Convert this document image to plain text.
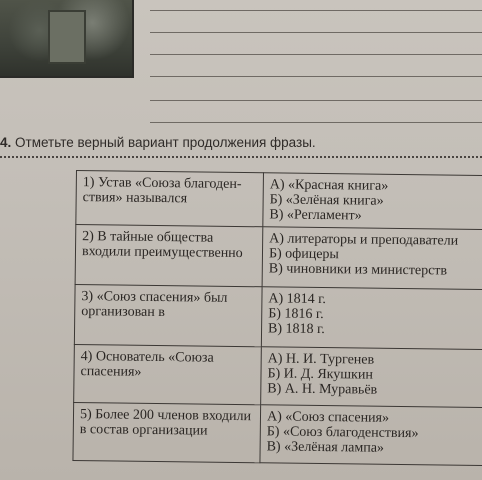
4. Отметьте верный вариант продолжения фразы.
1) Устав «Союза благоден-
ствия» назывался	А) «Красная книга»
Б) «Зелёная книга»
В) «Регламент»

2) В тайные общества
входили преимущественно	А) литераторы и преподаватели
Б) офицеры
В) чиновники из министерств

3) «Союз спасения» был
организован в	А) 1814 г.
Б) 1816 г.
В) 1818 г.

4) Основатель «Союза
спасения»	А) Н. И. Тургенев
Б) И. Д. Якушкин
В) А. Н. Муравьёв

5) Более 200 членов входили
в состав организации	А) «Союз спасения»
Б) «Союз благоденствия»
В) «Зелёная лампа»
